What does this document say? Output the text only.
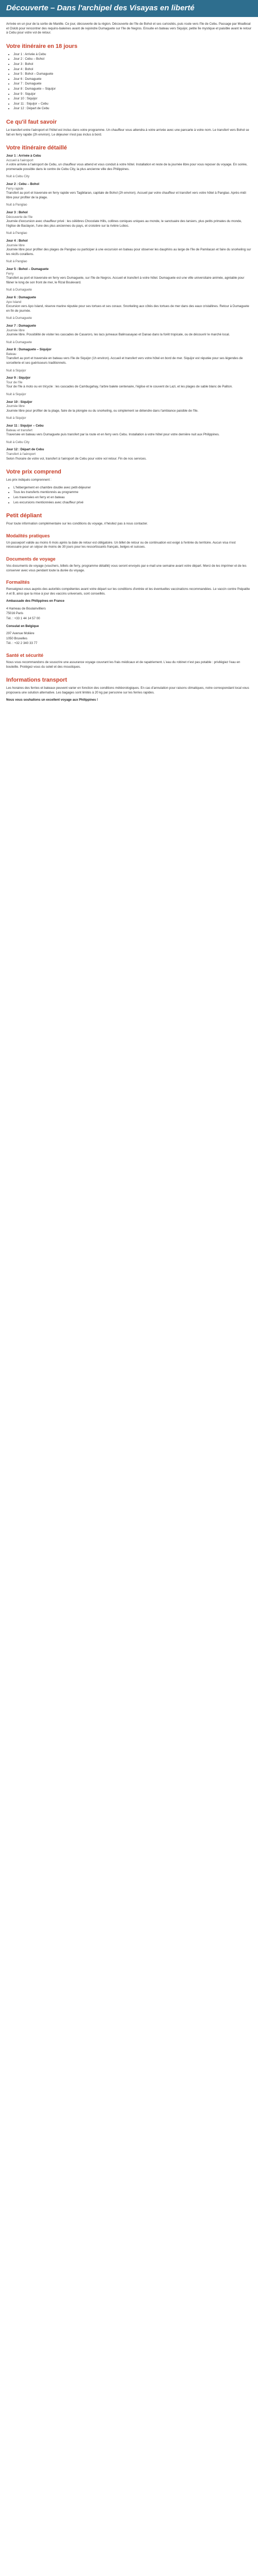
Découverte – Dans l'archipel des Visayas en liberté

Arrivée en un jour de la sortie de Manille. Ce jour, découverte de la région. Découverte de l'île de Bohol et ses curiosités, puis route vers l'île de Cebu. Passage par Moalboal et Oslob pour rencontrer des requins-baleines avant de rejoindre Dumaguete sur l'île de Negros. Ensuite en bateau vers Siquijor, petite île mystique et paisible avant le retour à Cebu pour votre vol de retour.

Votre itinéraire en 18 jours
• Jour 1 : Arrivée à Cebu
• Jour 2 : Cebu – Bohol
• Jour 3 : Bohol
• Jour 4 : Bohol
• Jour 5 : Bohol – Dumaguete
• Jour 6 : Dumaguete
• Jour 7 : Dumaguete
• Jour 8 : Dumaguete – Siquijor
• Jour 9 : Siquijor
• Jour 10 : Siquijor
• Jour 11 : Siquijor – Cebu
• Jour 12 : Départ de Cebu
Ce qu'il faut savoir

Le transfert entre l'aéroport et l'hôtel est inclus dans votre programme. Un chauffeur vous attendra à votre arrivée avec une pancarte à votre nom. Le transfert vers Bohol se fait en ferry rapide (2h environ). Le déjeuner n'est pas inclus à bord.

Votre itinéraire détaillé
Jour 1 : Arrivée à Cebu
Accueil à l'aéroport

A votre arrivée à l'aéroport de Cebu, un chauffeur vous attend et vous conduit à votre hôtel. Installation et reste de la journée libre pour vous reposer du voyage. En soirée, promenade possible dans le centre de Cebu City, la plus ancienne ville des Philippines.

Nuit à Cebu City

Jour 2 : Cebu – Bohol
Ferry rapide

Transfert au port et traversée en ferry rapide vers Tagbilaran, capitale de Bohol (2h environ). Accueil par votre chauffeur et transfert vers votre hôtel à Panglao. Après-midi libre pour profiter de la plage.

Nuit à Panglao

Jour 3 : Bohol
Découverte de l'île

Journée d'excursion avec chauffeur privé : les célèbres Chocolate Hills, collines coniques uniques au monde, le sanctuaire des tarsiers, plus petits primates du monde, l'église de Baclayon, l'une des plus anciennes du pays, et croisière sur la rivière Loboc.

Nuit à Panglao

Jour 4 : Bohol
Journée libre

Journée libre pour profiter des plages de Panglao ou participer à une excursion en bateau pour observer les dauphins au large de l'île de Pamilacan et faire du snorkeling sur les récifs coralliens.

Nuit à Panglao

Jour 5 : Bohol – Dumaguete
Ferry

Transfert au port et traversée en ferry vers Dumaguete, sur l'île de Negros. Accueil et transfert à votre hôtel. Dumaguete est une ville universitaire animée, agréable pour flâner le long de son front de mer, le Rizal Boulevard.

Nuit à Dumaguete

Jour 6 : Dumaguete
Apo Island

Excursion vers Apo Island, réserve marine réputée pour ses tortues et ses coraux. Snorkeling aux côtés des tortues de mer dans des eaux cristallines. Retour à Dumaguete en fin de journée.

Nuit à Dumaguete

Jour 7 : Dumaguete
Journée libre

Journée libre. Possibilité de visiter les cascades de Casaroro, les lacs jumeaux Balinsasayao et Danao dans la forêt tropicale, ou de découvrir le marché local.

Nuit à Dumaguete

Jour 8 : Dumaguete – Siquijor
Bateau

Transfert au port et traversée en bateau vers l'île de Siquijor (1h environ). Accueil et transfert vers votre hôtel en bord de mer. Siquijor est réputée pour ses légendes de sorcellerie et ses guérisseurs traditionnels.

Nuit à Siquijor

Jour 9 : Siquijor
Tour de l'île

Tour de l'île à moto ou en tricycle : les cascades de Cambugahay, l'arbre balete centenaire, l'église et le couvent de Lazi, et les plages de sable blanc de Paliton.

Nuit à Siquijor

Jour 10 : Siquijor
Journée libre

Journée libre pour profiter de la plage, faire de la plongée ou du snorkeling, ou simplement se détendre dans l'ambiance paisible de l'île.

Nuit à Siquijor

Jour 11 : Siquijor – Cebu
Bateau et transfert

Traversée en bateau vers Dumaguete puis transfert par la route et en ferry vers Cebu. Installation à votre hôtel pour votre dernière nuit aux Philippines.

Nuit à Cebu City

Jour 12 : Départ de Cebu
Transfert à l'aéroport

Selon l'horaire de votre vol, transfert à l'aéroport de Cebu pour votre vol retour. Fin de nos services.

Votre prix comprend

Les prix indiqués comprennent :

• L'hébergement en chambre double avec petit-déjeuner
• Tous les transferts mentionnés au programme
• Les traversées en ferry et en bateau
• Les excursions mentionnées avec chauffeur privé
Petit dépliant

Pour toute information complémentaire sur les conditions du voyage, n'hésitez pas à nous contacter.

Modalités pratiques

Un passeport valide au moins 6 mois après la date de retour est obligatoire. Un billet de retour ou de continuation est exigé à l'entrée du territoire. Aucun visa n'est nécessaire pour un séjour de moins de 30 jours pour les ressortissants français, belges et suisses.

Documents de voyage

Vos documents de voyage (vouchers, billets de ferry, programme détaillé) vous seront envoyés par e-mail une semaine avant votre départ. Merci de les imprimer et de les conserver avec vous pendant toute la durée du voyage.

Formalités

Renseignez-vous auprès des autorités compétentes avant votre départ sur les conditions d'entrée et les éventuelles vaccinations recommandées. Le vaccin contre l'hépatite A et B, ainsi que la mise à jour des vaccins universels, sont conseillés.

Ambassade des Philippines en France

4 Hameau de Boulainvilliers

75016 Paris

Tél. : +33 1 44 14 57 00

Consulat en Belgique

297 Avenue Molière

1050 Bruxelles

Tél. : +32 2 340 33 77

Santé et sécurité

Nous vous recommandons de souscrire une assurance voyage couvrant les frais médicaux et de rapatriement. L'eau du robinet n'est pas potable : privilégiez l'eau en bouteille. Protégez-vous du soleil et des moustiques.

Informations transport

Les horaires des ferries et bateaux peuvent varier en fonction des conditions météorologiques. En cas d'annulation pour raisons climatiques, notre correspondant local vous proposera une solution alternative. Les bagages sont limités à 20 kg par personne sur les ferries rapides.

Nous vous souhaitons un excellent voyage aux Philippines !
